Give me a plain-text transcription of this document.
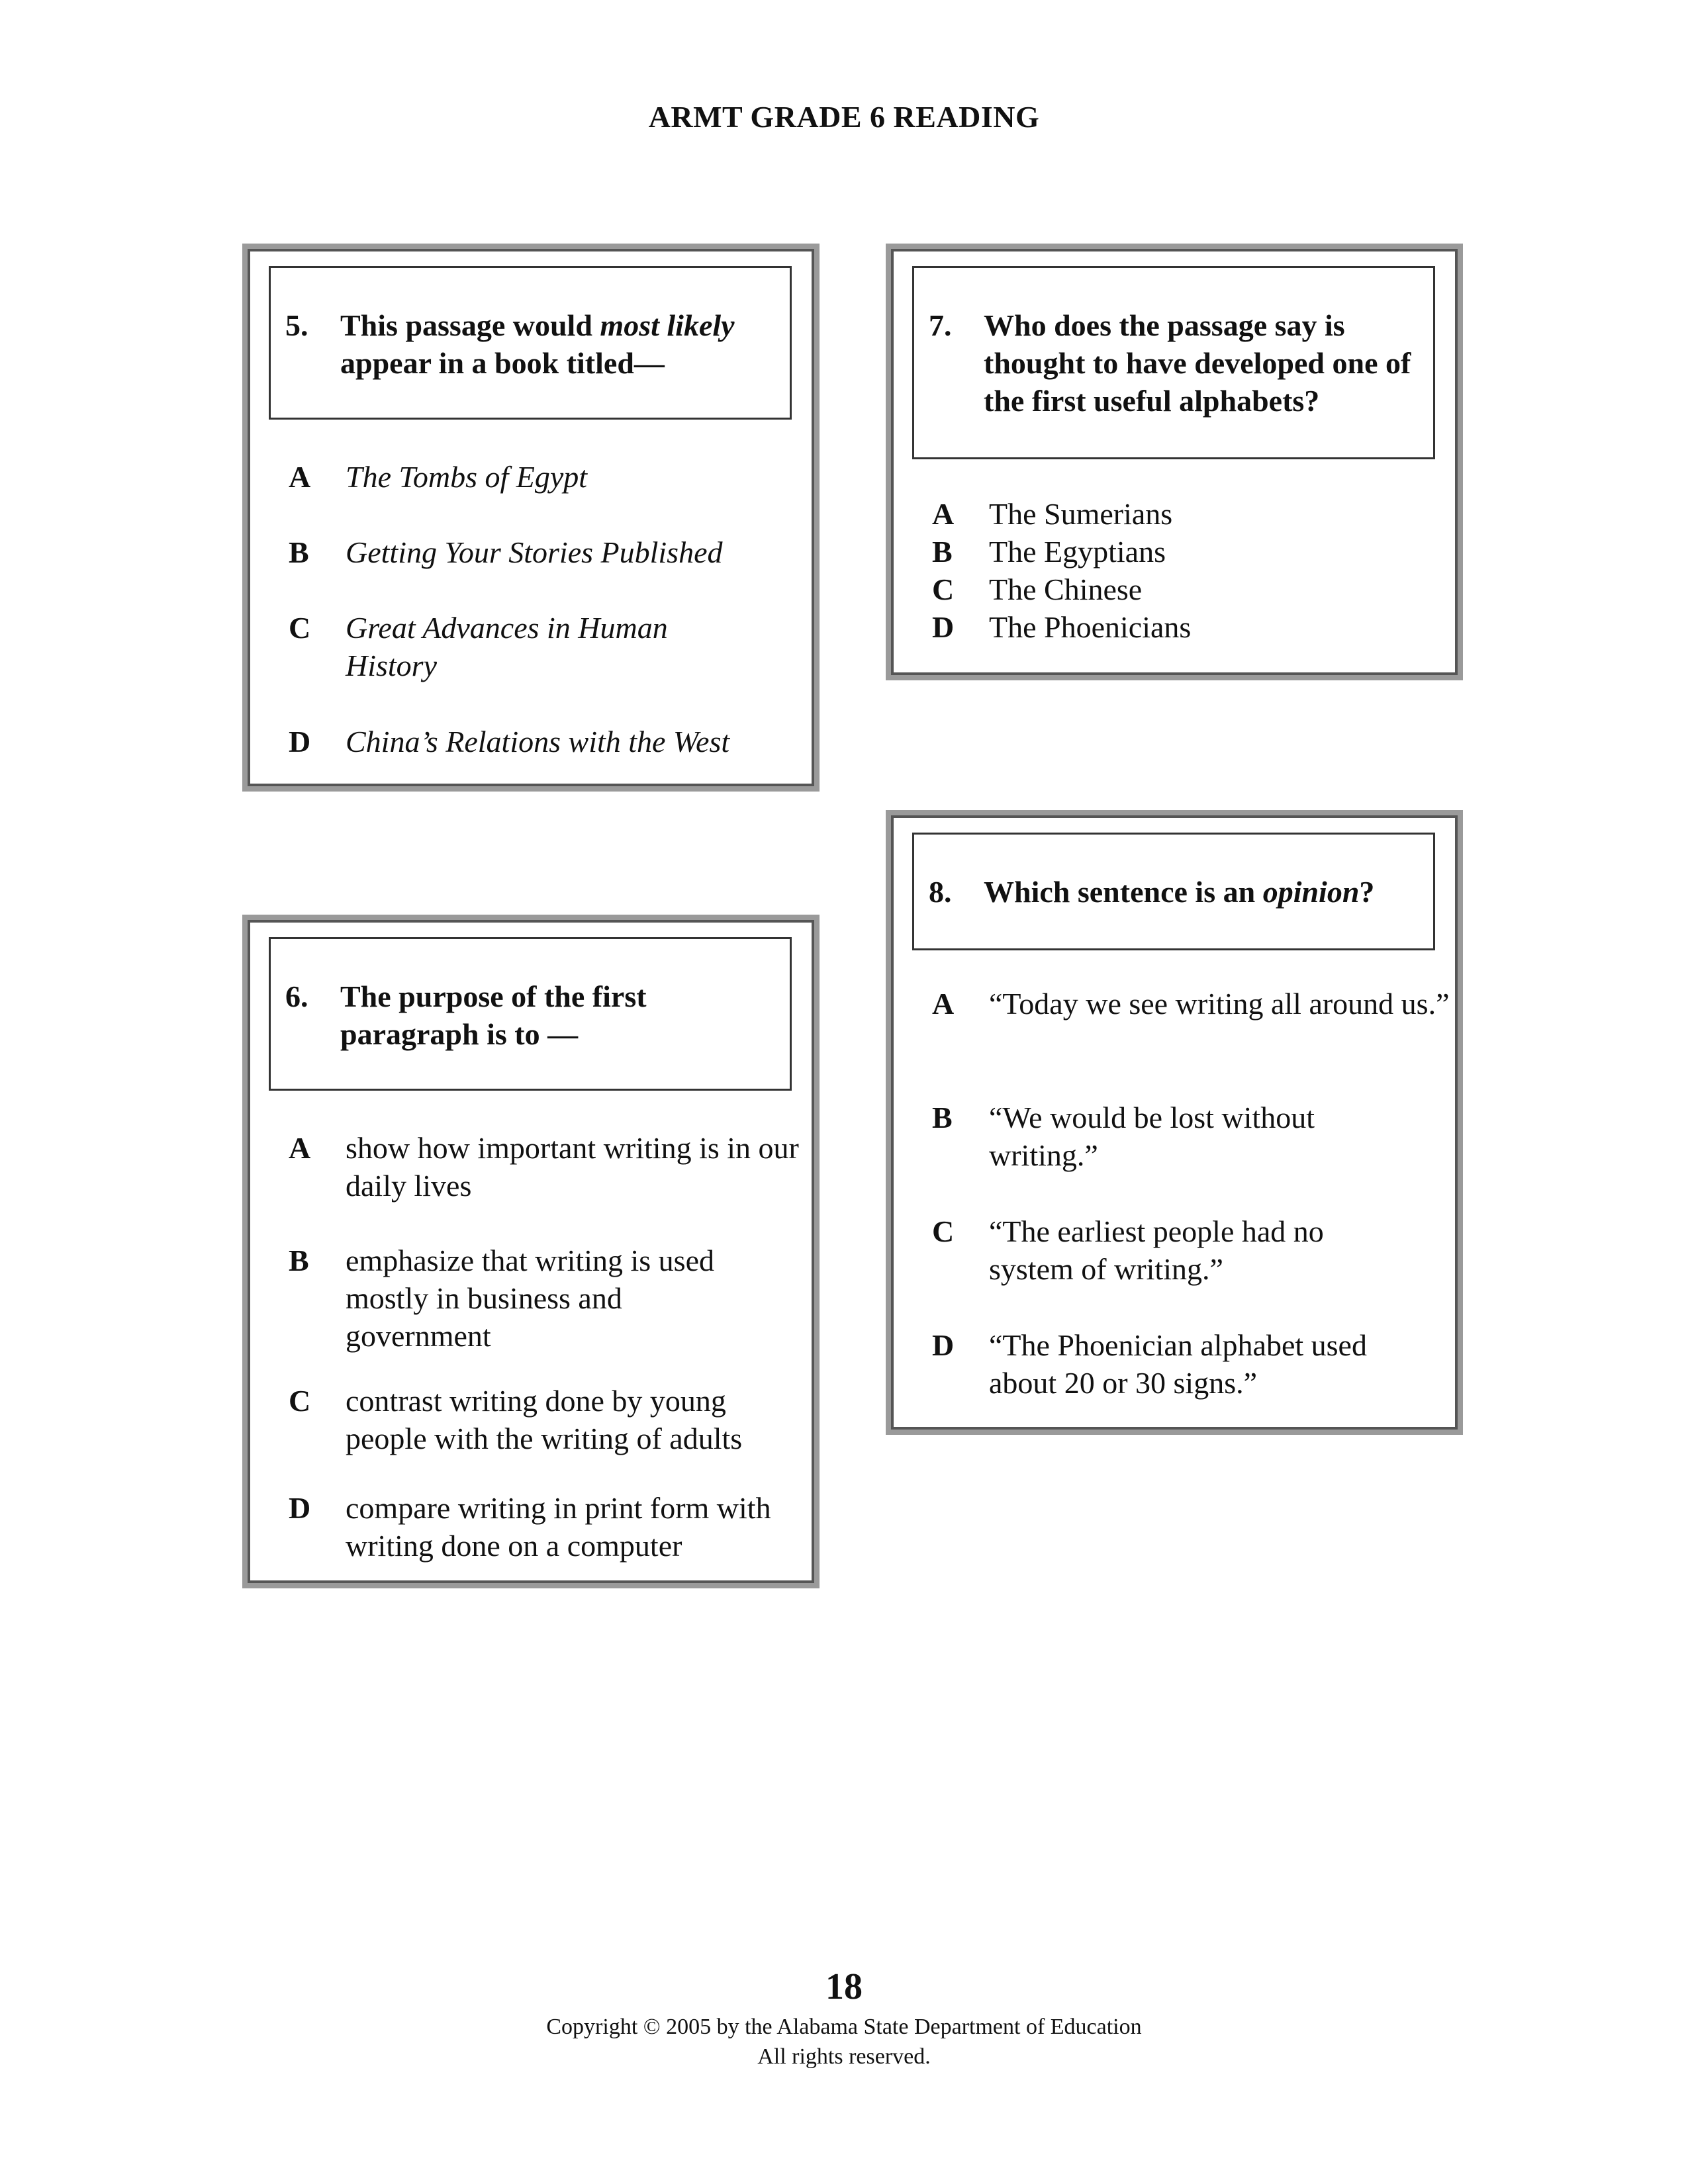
ARMT GRADE 6 READING
5. This passage would most likely appear in a book titled—
A The Tombs of Egypt
B Getting Your Stories Published
C Great Advances in Human History
D China’s Relations with the West
7. Who does the passage say is thought to have developed one of the first useful alphabets?
A The Sumerians
B The Egyptians
C The Chinese
D The Phoenicians
8. Which sentence is an opinion?
A “Today we see writing all around us.”
B “We would be lost without writing.”
C “The earliest people had no system of writing.”
D “The Phoenician alphabet used about 20 or 30 signs.”
6. The purpose of the first paragraph is to —
A show how important writing is in our daily lives
B emphasize that writing is used mostly in business and government
C contrast writing done by young people with the writing of adults
D compare writing in print form with writing done on a computer
18
Copyright © 2005 by the Alabama State Department of Education
All rights reserved.
